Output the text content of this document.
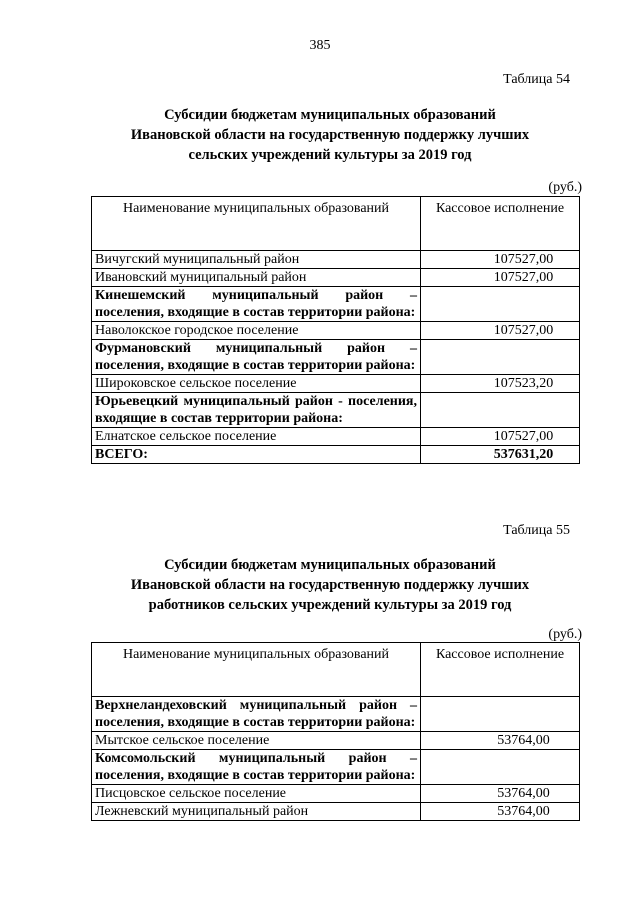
385
Таблица 54
Субсидии бюджетам муниципальных образований
Ивановской области на государственную поддержку лучших
сельских учреждений культуры за 2019 год
(руб.)
Наименование муниципальных образований	Кассовое исполнение
Вичугский муниципальный район	107527,00
Ивановский муниципальный район	107527,00
Кинешемский муниципальный район – поселения, входящие в состав территории района:	
Наволокское городское поселение	107527,00
Фурмановский муниципальный район – поселения, входящие в состав территории района:	
Широковское сельское поселение	107523,20
Юрьевецкий муниципальный район - поселения, входящие в состав территории района:	
Елнатское сельское поселение	107527,00
ВСЕГО:	537631,20
Таблица 55
Субсидии бюджетам муниципальных образований
Ивановской области на государственную поддержку лучших
работников сельских учреждений культуры за 2019 год
(руб.)
Наименование муниципальных образований	Кассовое исполнение
Верхнеландеховский муниципальный район – поселения, входящие в состав территории района:	
Мытское сельское поселение	53764,00
Комсомольский муниципальный район – поселения, входящие в состав территории района:	
Писцовское сельское поселение	53764,00
Лежневский муниципальный район	53764,00
